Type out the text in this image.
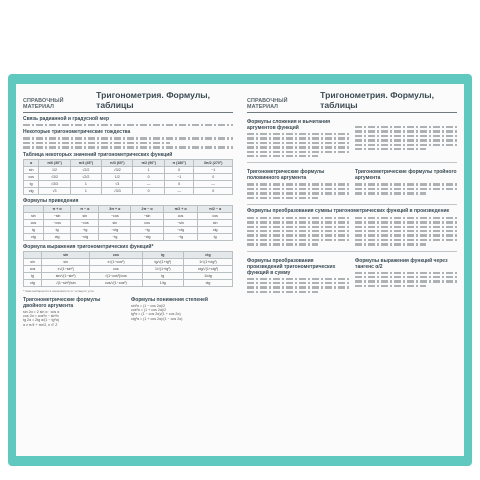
СПРАВОЧНЫЙ МАТЕРИАЛ
Тригонометрия. Формулы, таблицы
Связь радианной и градусной мер
Некоторые тригонометрические тождества
Таблица некоторых значений тригонометрических функций
α	π/6 (30°)	π/4 (45°)	π/3 (60°)	π/2 (90°)	π (180°)	3π/2 (270°)
sin	1/2	√2/2	√3/2	1	0	−1
cos	√3/2	√2/2	1/2	0	−1	0
tg	√3/3	1	√3	—	0	—
ctg	√3	1	√3/3	0	—	0
Формулы приведения
	π + α	π − α	3π + α	2π − α	π/2 + α	π/2 − α
sin	−sin	sin	−cos	−sin	cos	cos
cos	−cos	−cos	sin	cos	−sin	sin
tg	tg	−tg	−ctg	−tg	−ctg	ctg
ctg	ctg	−ctg	−tg	−ctg	−tg	tg
Формула выражения тригонометрических функций*
	sin	cos	tg	ctg
sin	sin	±√(1−cos²)	tg/√(1+tg²)	1/√(1+ctg²)
cos	±√(1−sin²)	cos	1/√(1+tg²)	ctg/√(1+ctg²)
tg	sin/√(1−sin²)	√(1−cos²)/cos	tg	1/ctg
ctg	√(1−sin²)/sin	cos/√(1−cos²)	1/tg	ctg
* Знак выбирается в зависимости от четверти угла
Тригонометрические формулы двойного аргумента
sin 2α = 2 sin α · cos α
cos 2α = cos²α − sin²α
tg 2α = 2tg α/(1 − tg²α)
α ≠ π/4 + πn/2, n ∈ Z
Формулы понижения степеней
sin²α = (1 − cos 2α)/2
cos²α = (1 + cos 2α)/2
tg²α = (1 − cos 2α)/(1 + cos 2α)
ctg²α = (1 + cos 2α)/(1 − cos 2α)
СПРАВОЧНЫЙ МАТЕРИАЛ
Тригонометрия. Формулы, таблицы
Формулы сложения и вычитания аргументов функций
Тригонометрические формулы половинного аргумента
Тригонометрические формулы тройного аргумента
Формулы преобразования суммы тригонометрических функций в произведение
Формулы преобразования произведений тригонометрических функций в сумму
Формулы выражения функций через тангенс α/2
